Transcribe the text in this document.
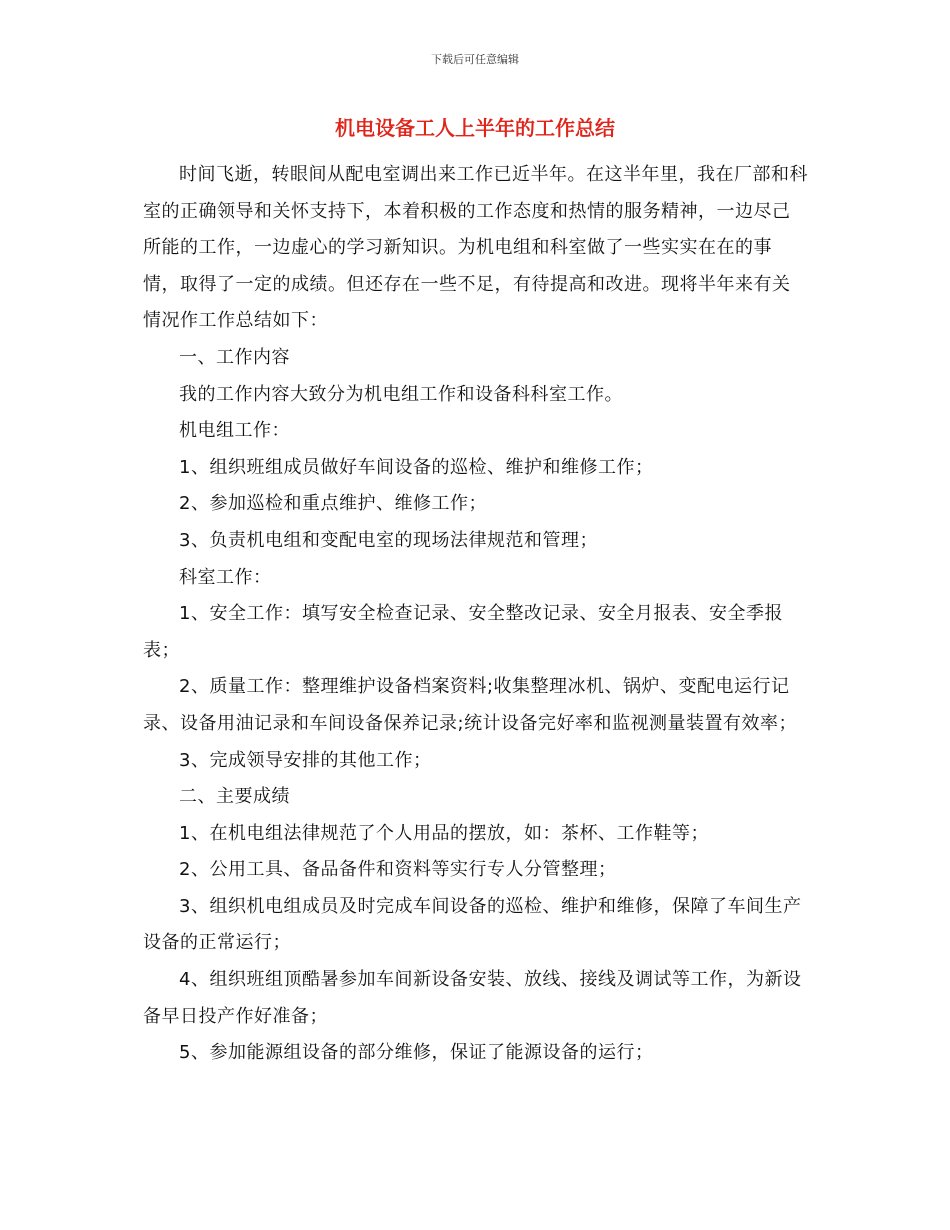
下载后可任意编辑
机电设备工人上半年的工作总结

时间飞逝，转眼间从配电室调出来工作已近半年。在这半年里，我在厂部和科室的正确领导和关怀支持下，本着积极的工作态度和热情的服务精神，一边尽己所能的工作，一边虚心的学习新知识。为机电组和科室做了一些实实在在的事情，取得了一定的成绩。但还存在一些不足，有待提高和改进。现将半年来有关情况作工作总结如下：

一、工作内容

我的工作内容大致分为机电组工作和设备科科室工作。

机电组工作：

1、组织班组成员做好车间设备的巡检、维护和维修工作；

2、参加巡检和重点维护、维修工作；

3、负责机电组和变配电室的现场法律规范和管理；

科室工作：

1、安全工作：填写安全检查记录、安全整改记录、安全月报表、安全季报表；

2、质量工作：整理维护设备档案资料;收集整理冰机、锅炉、变配电运行记录、设备用油记录和车间设备保养记录;统计设备完好率和监视测量装置有效率；

3、完成领导安排的其他工作；

二、主要成绩

1、在机电组法律规范了个人用品的摆放，如：茶杯、工作鞋等；

2、公用工具、备品备件和资料等实行专人分管整理；

3、组织机电组成员及时完成车间设备的巡检、维护和维修，保障了车间生产设备的正常运行；

4、组织班组顶酷暑参加车间新设备安装、放线、接线及调试等工作，为新设备早日投产作好准备；

5、参加能源组设备的部分维修，保证了能源设备的运行；
